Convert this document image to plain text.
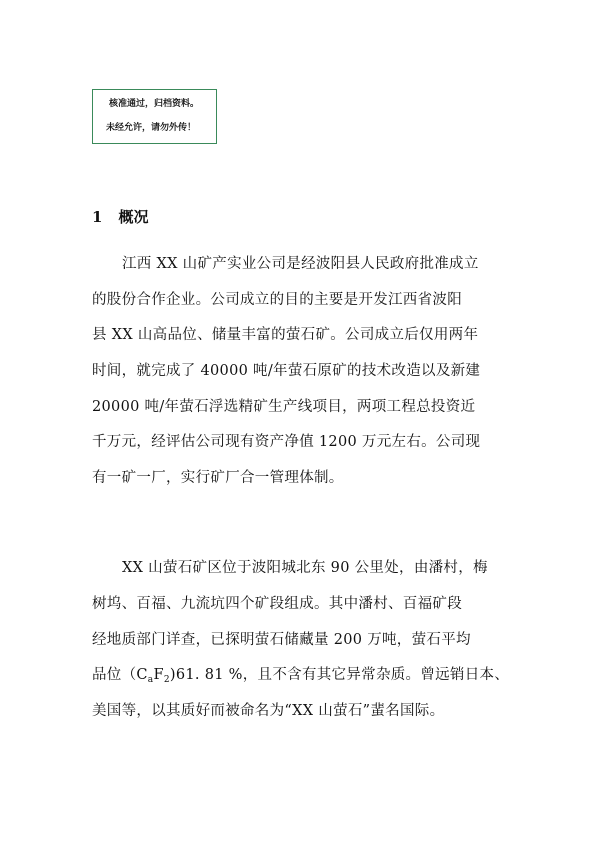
核准通过，归档资料。
未经允许，请勿外传！
1 概况
江西 XX 山矿产实业公司是经波阳县人民政府批准成立
的股份合作企业。公司成立的目的主要是开发江西省波阳
县 XX 山高品位、储量丰富的萤石矿。公司成立后仅用两年
时间，就完成了 40000 吨/年萤石原矿的技术改造以及新建
20000 吨/年萤石浮选精矿生产线项目，两项工程总投资近
千万元，经评估公司现有资产净值 1200 万元左右。公司现
有一矿一厂，实行矿厂合一管理体制。
XX 山萤石矿区位于波阳城北东 90 公里处，由潘村，梅
树坞、百福、九流坑四个矿段组成。其中潘村、百福矿段
经地质部门详查，已探明萤石储藏量 200 万吨，萤石平均
品位$(C_aF_2)61$. 81 %，且不含有其它异常杂质。曾远销日本、
美国等，以其质好而被命名为“XX 山萤石”蜚名国际。
